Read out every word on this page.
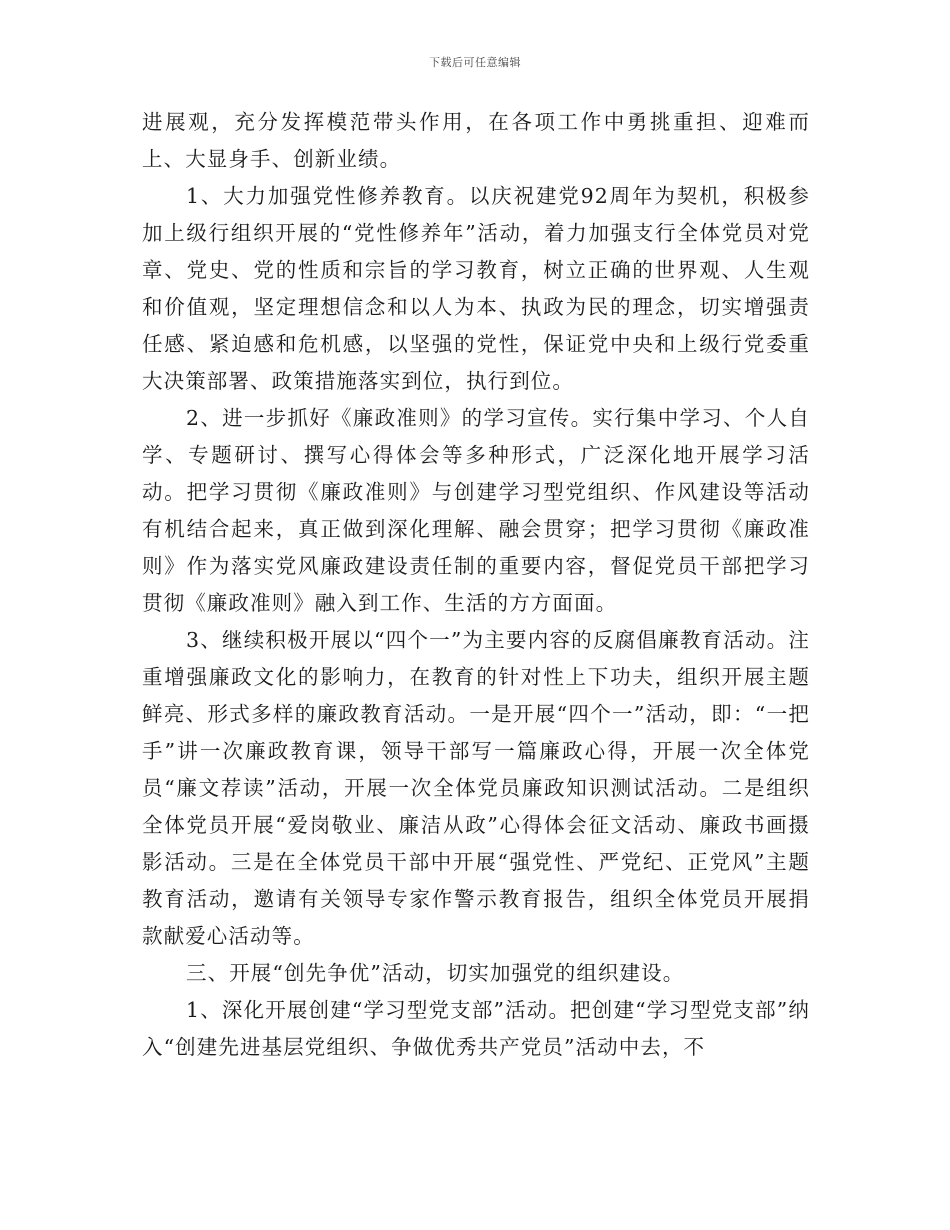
下载后可任意编辑

进展观，充分发挥模范带头作用，在各项工作中勇挑重担、迎难而上、大显身手、创新业绩。

1、大力加强党性修养教育。以庆祝建党92周年为契机，积极参加上级行组织开展的“党性修养年”活动，着力加强支行全体党员对党章、党史、党的性质和宗旨的学习教育，树立正确的世界观、人生观和价值观，坚定理想信念和以人为本、执政为民的理念，切实增强责任感、紧迫感和危机感，以坚强的党性，保证党中央和上级行党委重大决策部署、政策措施落实到位，执行到位。

2、进一步抓好《廉政准则》的学习宣传。实行集中学习、个人自学、专题研讨、撰写心得体会等多种形式，广泛深化地开展学习活动。把学习贯彻《廉政准则》与创建学习型党组织、作风建设等活动有机结合起来，真正做到深化理解、融会贯穿；把学习贯彻《廉政准则》作为落实党风廉政建设责任制的重要内容，督促党员干部把学习贯彻《廉政准则》融入到工作、生活的方方面面。

3、继续积极开展以“四个一”为主要内容的反腐倡廉教育活动。注重增强廉政文化的影响力，在教育的针对性上下功夫，组织开展主题鲜亮、形式多样的廉政教育活动。一是开展“四个一”活动，即：“一把手”讲一次廉政教育课，领导干部写一篇廉政心得，开展一次全体党员“廉文荐读”活动，开展一次全体党员廉政知识测试活动。二是组织全体党员开展“爱岗敬业、廉洁从政”心得体会征文活动、廉政书画摄影活动。三是在全体党员干部中开展“强党性、严党纪、正党风”主题教育活动，邀请有关领导专家作警示教育报告，组织全体党员开展捐款献爱心活动等。

三、开展“创先争优”活动，切实加强党的组织建设。

1、深化开展创建“学习型党支部”活动。把创建“学习型党支部”纳入“创建先进基层党组织、争做优秀共产党员”活动中去，不
